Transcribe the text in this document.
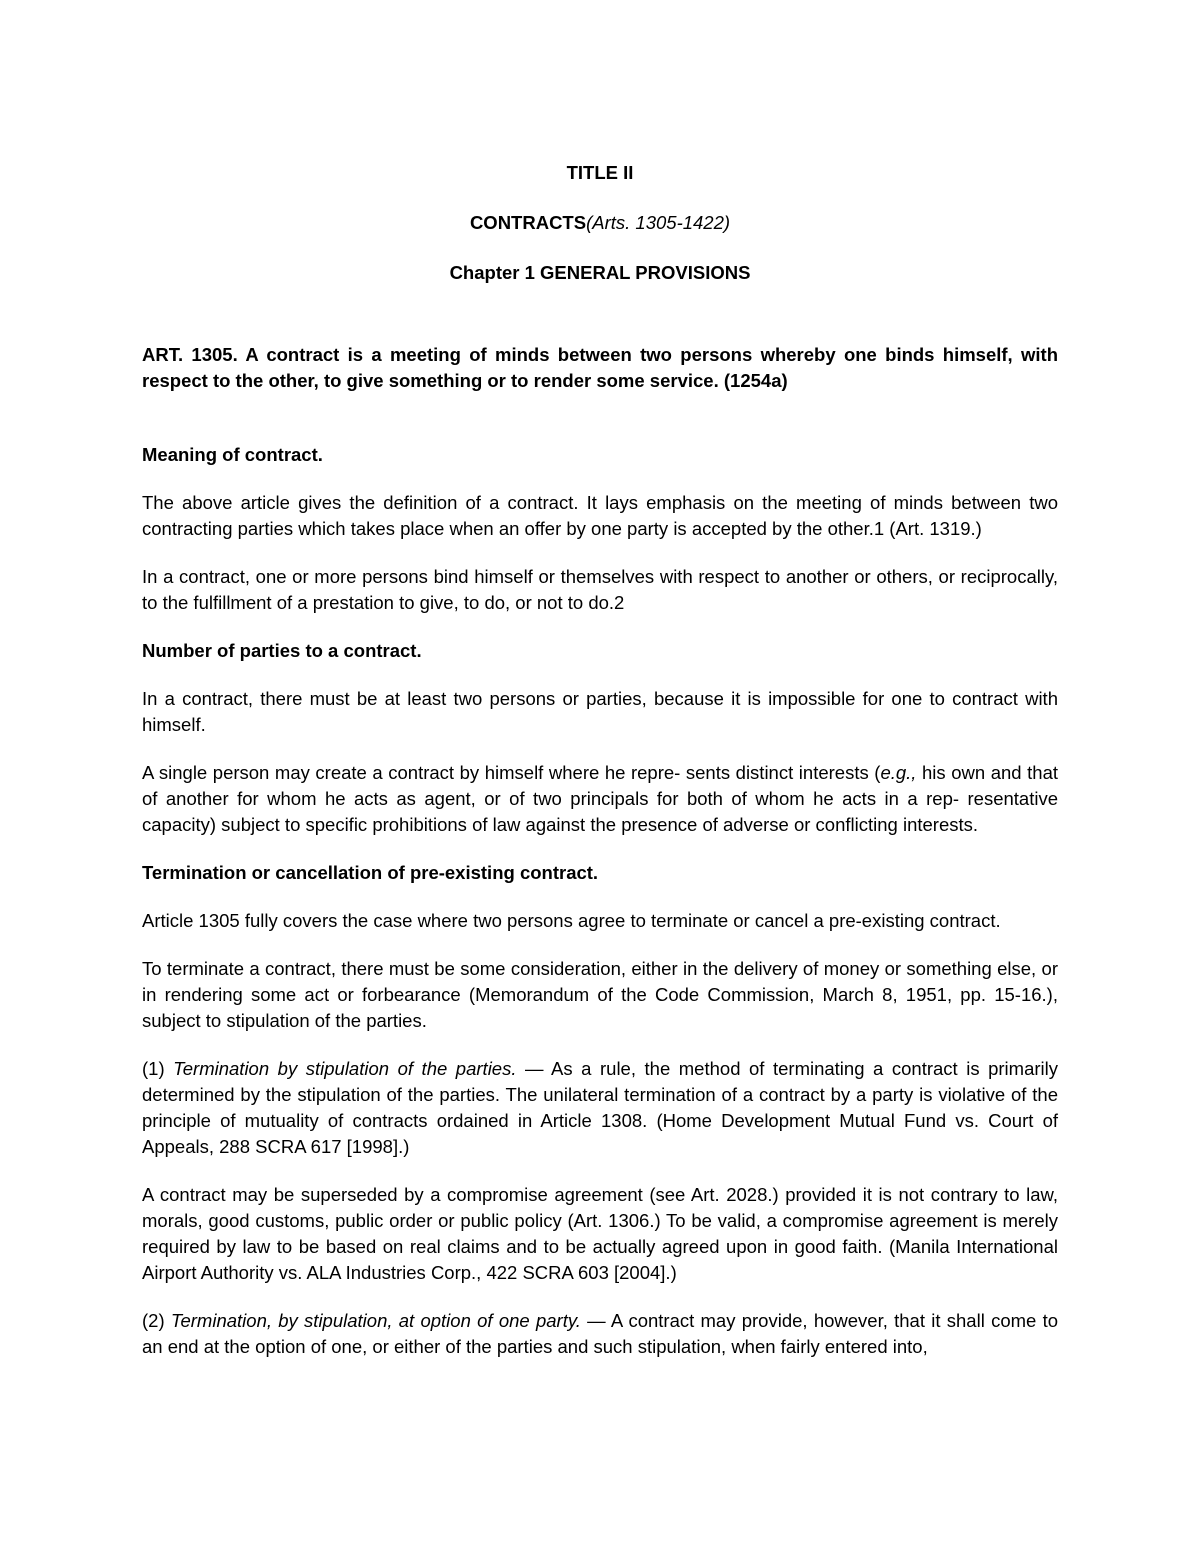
TITLE II
CONTRACTS(Arts. 1305-1422)
Chapter 1 GENERAL PROVISIONS
ART. 1305. A contract is a meeting of minds between two persons whereby one binds himself, with respect to the other, to give something or to render some service. (1254a)
Meaning of contract.

The above article gives the definition of a contract. It lays emphasis on the meeting of minds between two contracting parties which takes place when an offer by one party is accepted by the other.1 (Art. 1319.)

In a contract, one or more persons bind himself or themselves with respect to another or others, or reciprocally, to the fulfillment of a prestation to give, to do, or not to do.2

Number of parties to a contract.

In a contract, there must be at least two persons or parties, because it is impossible for one to contract with himself.

A single person may create a contract by himself where he repre- sents distinct interests (e.g., his own and that of another for whom he acts as agent, or of two principals for both of whom he acts in a rep- resentative capacity) subject to specific prohibitions of law against the presence of adverse or conflicting interests.

Termination or cancellation of pre-existing contract.

Article 1305 fully covers the case where two persons agree to terminate or cancel a pre-existing contract.

To terminate a contract, there must be some consideration, either in the delivery of money or something else, or in rendering some act or forbearance (Memorandum of the Code Commission, March 8, 1951, pp. 15-16.), subject to stipulation of the parties.

(1) Termination by stipulation of the parties. — As a rule, the method of terminating a contract is primarily determined by the stipulation of the parties. The unilateral termination of a contract by a party is violative of the principle of mutuality of contracts ordained in Article 1308. (Home Development Mutual Fund vs. Court of Appeals, 288 SCRA 617 [1998].)

A contract may be superseded by a compromise agreement (see Art. 2028.) provided it is not contrary to law, morals, good customs, public order or public policy (Art. 1306.) To be valid, a compromise agreement is merely required by law to be based on real claims and to be actually agreed upon in good faith. (Manila International Airport Authority vs. ALA Industries Corp., 422 SCRA 603 [2004].)

(2) Termination, by stipulation, at option of one party. — A contract may provide, however, that it shall come to an end at the option of one, or either of the parties and such stipulation, when fairly entered into,
